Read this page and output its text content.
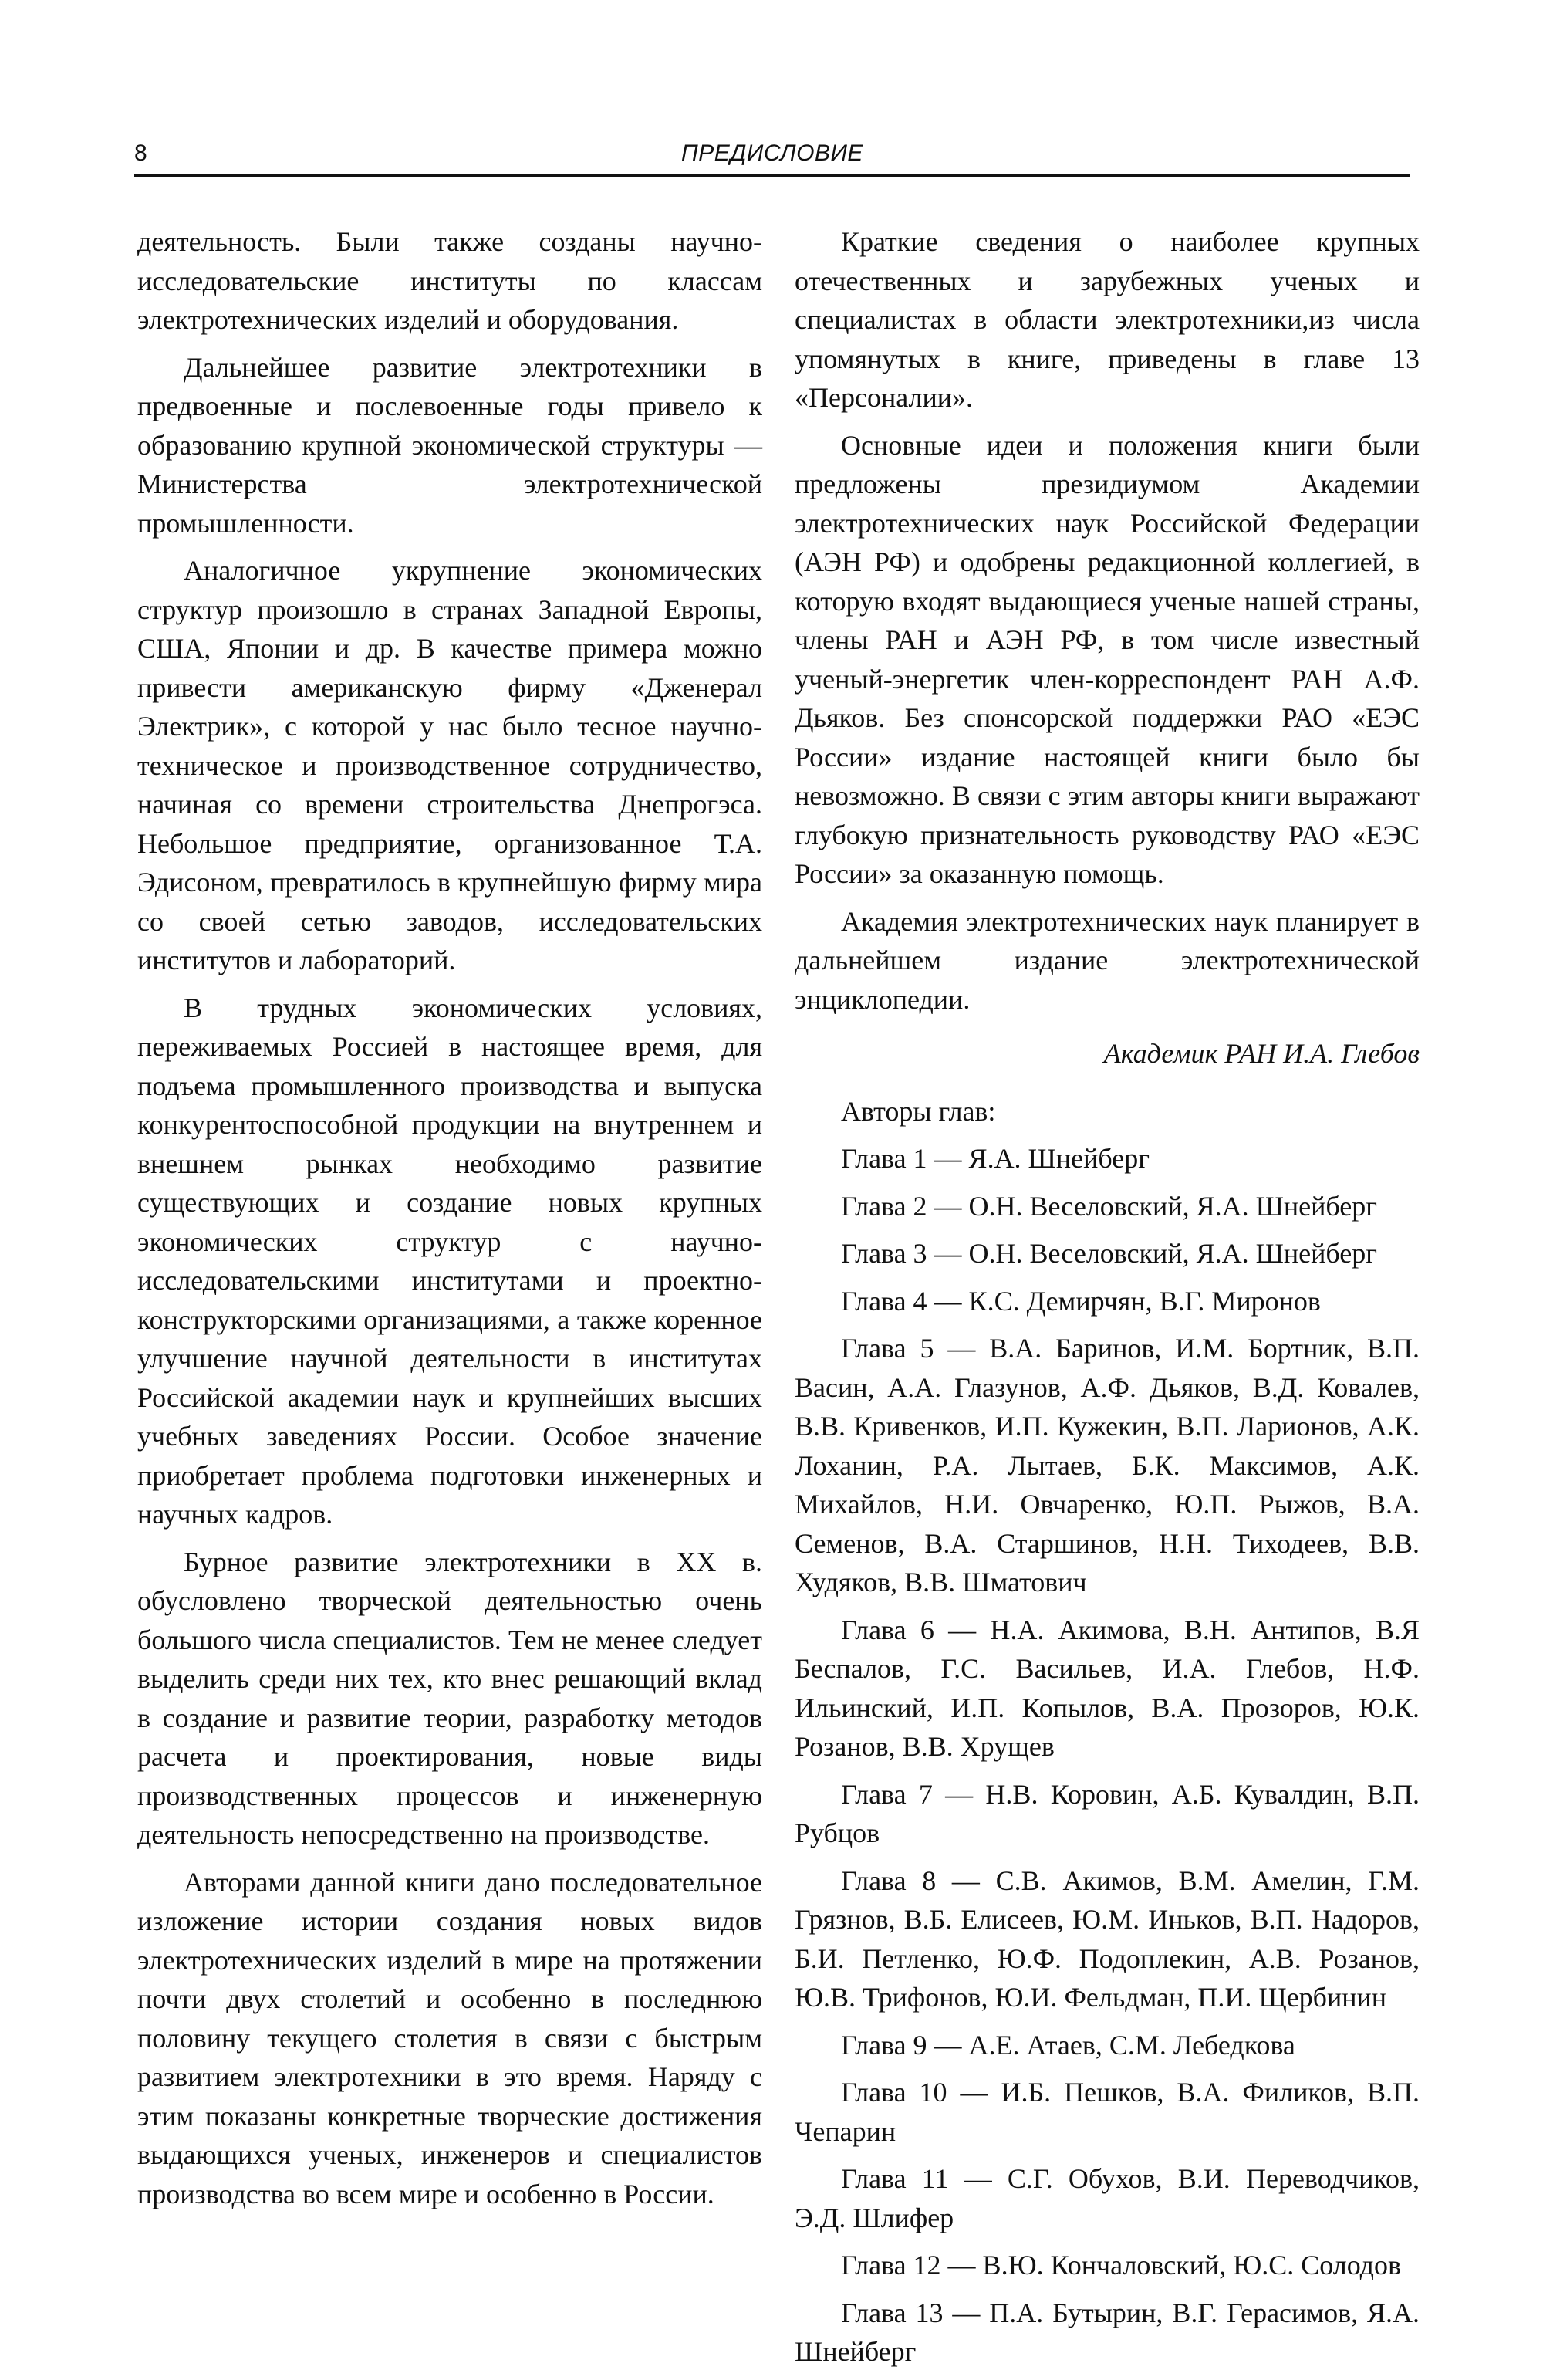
8	ПРЕДИСЛОВИЕ

деятельность. Были также созданы научно-исследовательские институты по классам электротехнических изделий и оборудования.

Дальнейшее развитие электротехники в предвоенные и послевоенные годы привело к образованию крупной экономической структуры — Министерства электротехнической промышленности.

Аналогичное укрупнение экономических структур произошло в странах Западной Европы, США, Японии и др. В качестве примера можно привести американскую фирму «Дженерал Электрик», с которой у нас было тесное научно-техническое и производственное сотрудничество, начиная со времени строительства Днепрогэса. Небольшое предприятие, организованное Т.А. Эдисоном, превратилось в крупнейшую фирму мира со своей сетью заводов, исследовательских институтов и лабораторий.

В трудных экономических условиях, переживаемых Россией в настоящее время, для подъема промышленного производства и выпуска конкурентоспособной продукции на внутреннем и внешнем рынках необходимо развитие существующих и создание новых крупных экономических структур с научно-исследовательскими институтами и проектно-конструкторскими организациями, а также коренное улучшение научной деятельности в институтах Российской академии наук и крупнейших высших учебных заведениях России. Особое значение приобретает проблема подготовки инженерных и научных кадров.

Бурное развитие электротехники в XX в. обусловлено творческой деятельностью очень большого числа специалистов. Тем не менее следует выделить среди них тех, кто внес решающий вклад в создание и развитие теории, разработку методов расчета и проектирования, новые виды производственных процессов и инженерную деятельность непосредственно на производстве.

Авторами данной книги дано последовательное изложение истории создания новых видов электротехнических изделий в мире на протяжении почти двух столетий и особенно в последнюю половину текущего столетия в связи с быстрым развитием электротехники в это время. Наряду с этим показаны конкретные творческие достижения выдающихся ученых, инженеров и специалистов производства во всем мире и особенно в России.

Краткие сведения о наиболее крупных отечественных и зарубежных ученых и специалистах в области электротехники,из числа упомянутых в книге, приведены в главе 13 «Персоналии».

Основные идеи и положения книги были предложены президиумом Академии электротехнических наук Российской Федерации (АЭН РФ) и одобрены редакционной коллегией, в которую входят выдающиеся ученые нашей страны, члены РАН и АЭН РФ, в том числе известный ученый-энергетик член-корреспондент РАН А.Ф. Дьяков. Без спонсорской поддержки РАО «ЕЭС России» издание настоящей книги было бы невозможно. В связи с этим авторы книги выражают глубокую признательность руководству РАО «ЕЭС России» за оказанную помощь.

Академия электротехнических наук планирует в дальнейшем издание электротехнической энциклопедии.

Академик РАН И.А. Глебов

Авторы глав:

Глава 1 — Я.А. Шнейберг

Глава 2 — О.Н. Веселовский, Я.А. Шнейберг

Глава 3 — О.Н. Веселовский, Я.А. Шнейберг

Глава 4 — К.С. Демирчян, В.Г. Миронов

Глава 5 — В.А. Баринов, И.М. Бортник, В.П. Васин, А.А. Глазунов, А.Ф. Дьяков, В.Д. Ковалев, В.В. Кривенков, И.П. Кужекин, В.П. Ларионов, А.К. Лоханин, Р.А. Лытаев, Б.К. Максимов, А.К. Михайлов, Н.И. Овчаренко, Ю.П. Рыжов, В.А. Семенов, В.А. Старшинов, Н.Н. Тиходеев, В.В. Худяков, В.В. Шматович

Глава 6 — Н.А. Акимова, В.Н. Антипов, В.Я Беспалов, Г.С. Васильев, И.А. Глебов, Н.Ф. Ильинский, И.П. Копылов, В.А. Прозоров, Ю.К. Розанов, В.В. Хрущев

Глава 7 — Н.В. Коровин, А.Б. Кувалдин, В.П. Рубцов

Глава 8 — С.В. Акимов, В.М. Амелин, Г.М. Грязнов, В.Б. Елисеев, Ю.М. Иньков, В.П. Надоров, Б.И. Петленко, Ю.Ф. Подоплекин, А.В. Розанов, Ю.В. Трифонов, Ю.И. Фельдман, П.И. Щербинин

Глава 9 — А.Е. Атаев, С.М. Лебедкова

Глава 10 — И.Б. Пешков, В.А. Филиков, В.П. Чепарин

Глава 11 — С.Г. Обухов, В.И. Переводчиков, Э.Д. Шлифер

Глава 12 — В.Ю. Кончаловский, Ю.С. Солодов

Глава 13 — П.А. Бутырин, В.Г. Герасимов, Я.А. Шнейберг
